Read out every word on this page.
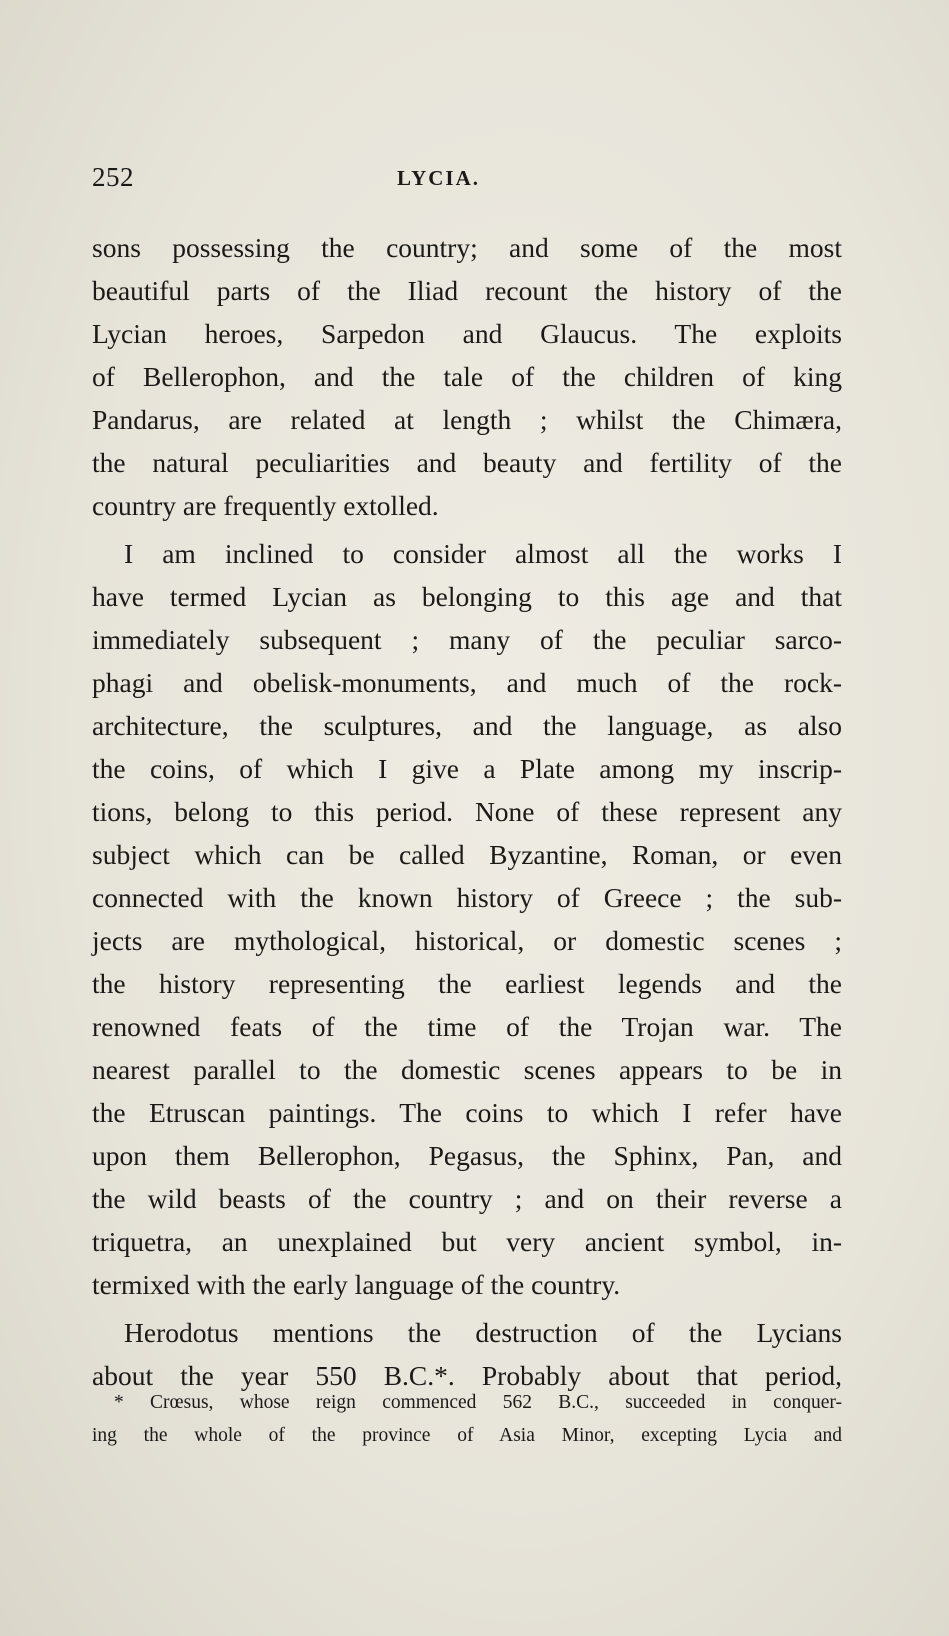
252	LYCIA.
sons possessing the country; and some of the most
beautiful parts of the Iliad recount the history of the
Lycian heroes, Sarpedon and Glaucus. The exploits
of Bellerophon, and the tale of the children of king
Pandarus, are related at length ; whilst the Chimæra,
the natural peculiarities and beauty and fertility of the
country are frequently extolled.
I am inclined to consider almost all the works I
have termed Lycian as belonging to this age and that
immediately subsequent ; many of the peculiar sarco-
phagi and obelisk-monuments, and much of the rock-
architecture, the sculptures, and the language, as also
the coins, of which I give a Plate among my inscrip-
tions, belong to this period. None of these represent any
subject which can be called Byzantine, Roman, or even
connected with the known history of Greece ; the sub-
jects are mythological, historical, or domestic scenes ;
the history representing the earliest legends and the
renowned feats of the time of the Trojan war. The
nearest parallel to the domestic scenes appears to be in
the Etruscan paintings. The coins to which I refer have
upon them Bellerophon, Pegasus, the Sphinx, Pan, and
the wild beasts of the country ; and on their reverse a
triquetra, an unexplained but very ancient symbol, in-
termixed with the early language of the country.
Herodotus mentions the destruction of the Lycians
about the year 550 B.C.*. Probably about that period,
* Crœsus, whose reign commenced 562 B.C., succeeded in conquer-
ing the whole of the province of Asia Minor, excepting Lycia and
